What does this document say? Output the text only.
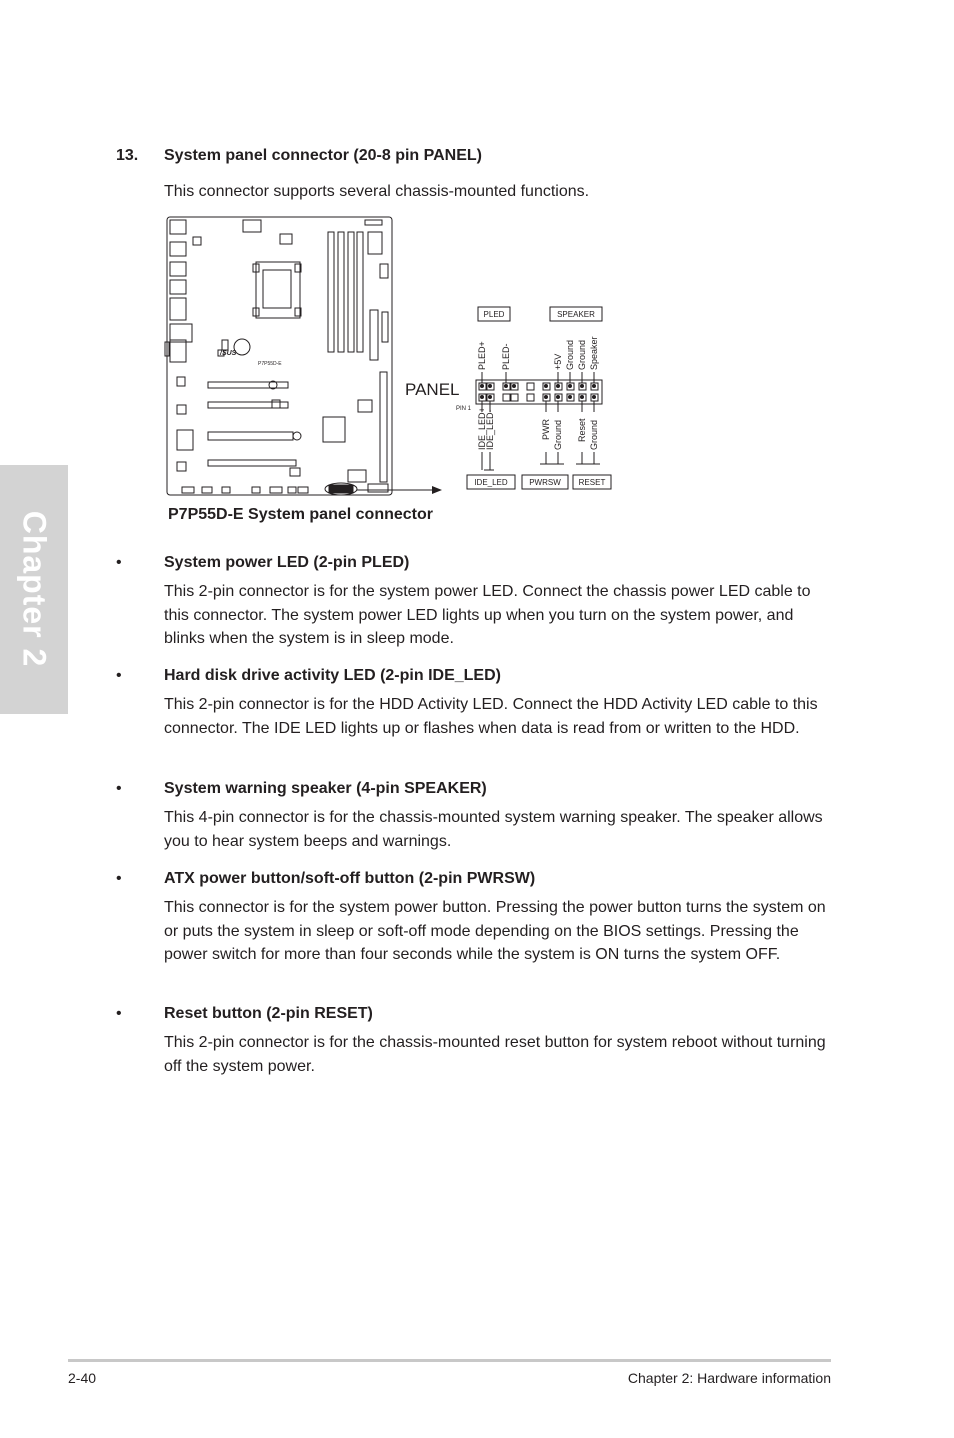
Chapter 2
13. System panel connector (20-8 pin PANEL)
This connector supports several chassis-mounted functions.
P7P55D-E
/SUS
PANEL
PIN 1
PLED	SPEAKER
IDE_LED	PWRSW RESET
PLED+ PLED-	+5V Ground Ground Speaker
IDE_LED+
IDE_LED-	PWR Ground Reset Ground
P7P55D-E System panel connector
•	System power LED (2-pin PLED)
This 2-pin connector is for the system power LED. Connect the chassis power LED cable to this connector. The system power LED lights up when you turn on the system power, and blinks when the system is in sleep mode.
•	Hard disk drive activity LED (2-pin IDE_LED)
This 2-pin connector is for the HDD Activity LED. Connect the HDD Activity LED cable to this connector. The IDE LED lights up or flashes when data is read from or written to the HDD.
•	System warning speaker (4-pin SPEAKER)
This 4-pin connector is for the chassis-mounted system warning speaker. The speaker allows you to hear system beeps and warnings.
•	ATX power button/soft-off button (2-pin PWRSW)
This connector is for the system power button. Pressing the power button turns the system on or puts the system in sleep or soft-off mode depending on the BIOS settings. Pressing the power switch for more than four seconds while the system is ON turns the system OFF.
•	Reset button (2-pin RESET)
This 2-pin connector is for the chassis-mounted reset button for system reboot without turning off the system power.
2-40	Chapter 2: Hardware information
